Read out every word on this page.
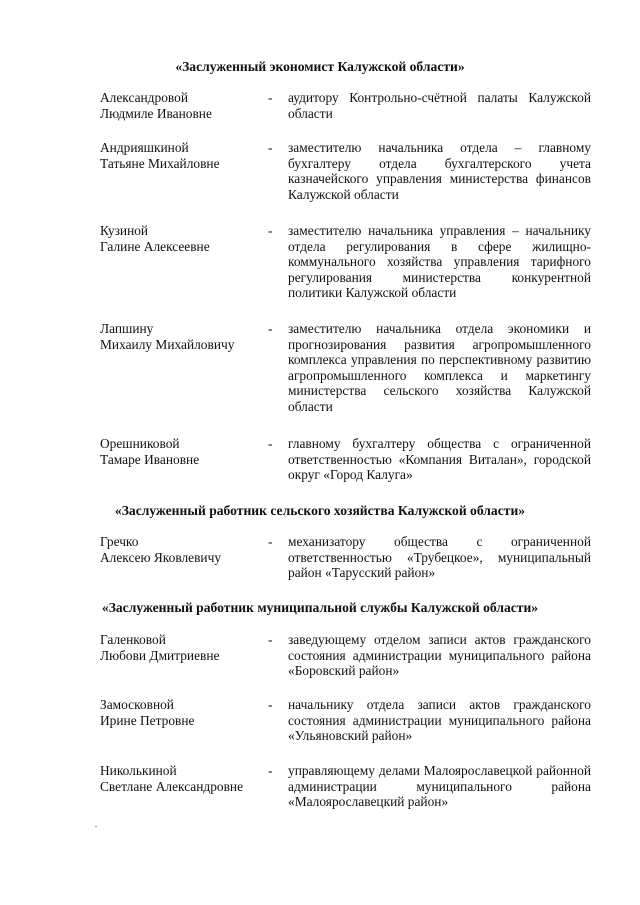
«Заслуженный экономист Калужской области»
Александровой
Людмиле Ивановне
-	аудитору Контрольно-счётной палаты Калужской области
Андрияшкиной
Татьяне Михайловне
-	заместителю начальника отдела – главному бухгалтеру отдела бухгалтерского учета казначейского управления министерства финансов Калужской области
Кузиной
Галине Алексеевне
-	заместителю начальника управления – начальнику отдела регулирования в сфере жилищно-коммунального хозяйства управления тарифного регулирования министерства конкурентной политики Калужской области
Лапшину
Михаилу Михайловичу
-	заместителю начальника отдела экономики и прогнозирования развития агропромышленного комплекса управления по перспективному развитию агропромышленного комплекса и маркетингу министерства сельского хозяйства Калужской области
Орешниковой
Тамаре Ивановне
-	главному бухгалтеру общества с ограниченной ответственностью «Компания Виталан», городской округ «Город Калуга»
«Заслуженный работник сельского хозяйства Калужской области»
Гречко
Алексею Яковлевичу
-	механизатору общества с ограниченной ответственностью «Трубецкое», муниципальный район «Тарусский район»
«Заслуженный работник муниципальной службы Калужской области»
Галенковой
Любови Дмитриевне
-	заведующему отделом записи актов гражданского состояния администрации муниципального района «Боровский район»
Замосковной
Ирине Петровне
-	начальнику отдела записи актов гражданского состояния администрации муниципального района «Ульяновский район»
Николькиной
Светлане Александровне
-	управляющему делами Малоярославецкой районной администрации муниципального района «Малоярославецкий район»
